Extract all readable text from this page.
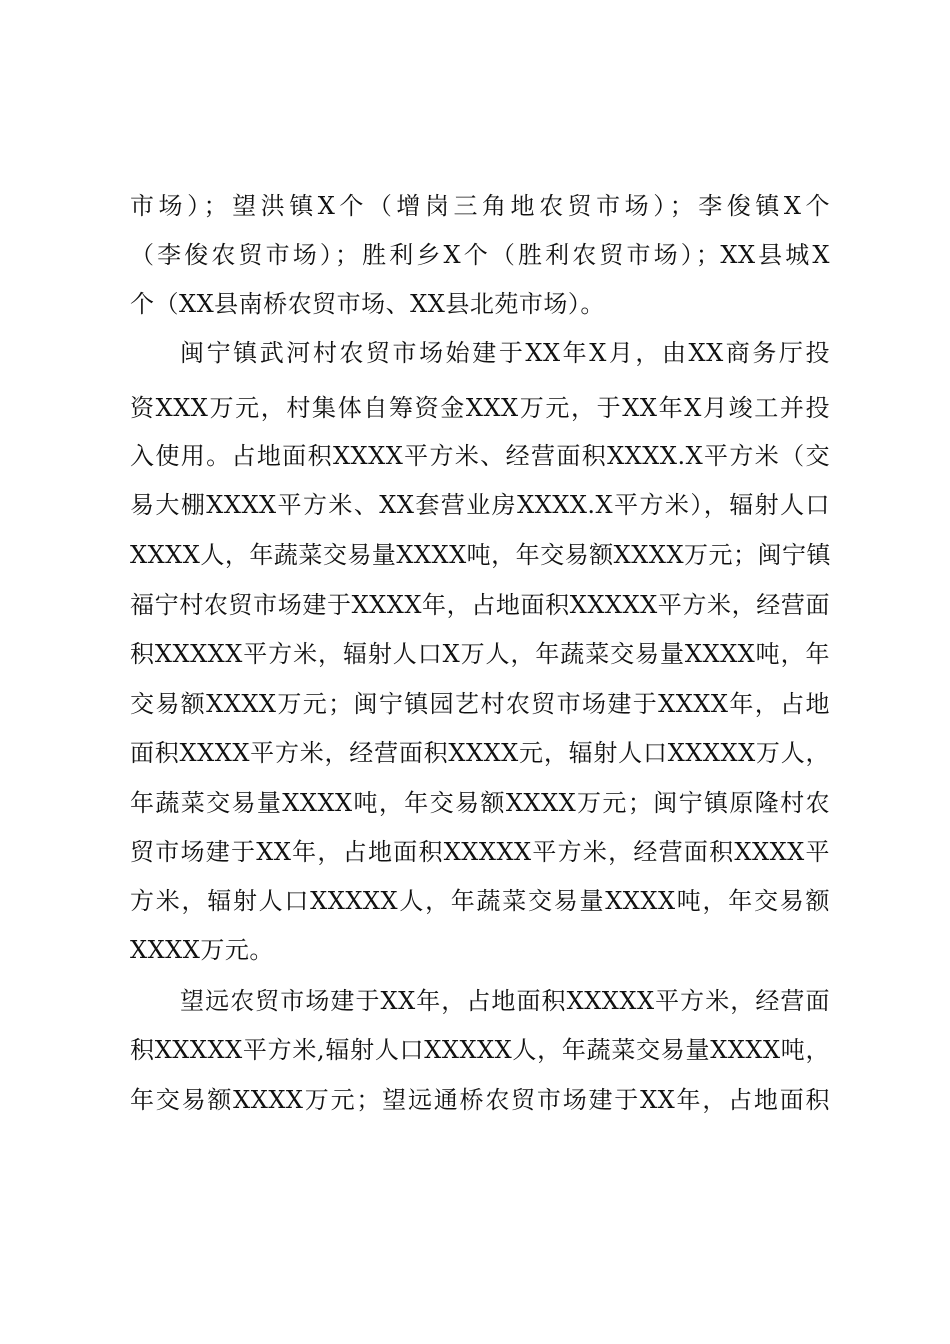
市场）；望洪镇X个（增岗三角地农贸市场）；李俊镇X个
（李俊农贸市场）；胜利乡X个（胜利农贸市场）；XX县城X
个（XX县南桥农贸市场、XX县北苑市场）。
闽宁镇武河村农贸市场始建于XX年X月，由XX商务厅投
资XXX万元，村集体自筹资金XXX万元，于XX年X月竣工并投
入使用。占地面积XXXX平方米、经营面积XXXX.X平方米（交
易大棚XXXX平方米、XX套营业房XXXX.X平方米），辐射人口
XXXX人，年蔬菜交易量XXXX吨，年交易额XXXX万元；闽宁镇
福宁村农贸市场建于XXXX年，占地面积XXXXX平方米，经营面
积XXXXX平方米，辐射人口X万人，年蔬菜交易量XXXX吨，年
交易额XXXX万元；闽宁镇园艺村农贸市场建于XXXX年，占地
面积XXXX平方米，经营面积XXXX元，辐射人口XXXXX万人，
年蔬菜交易量XXXX吨，年交易额XXXX万元；闽宁镇原隆村农
贸市场建于XX年，占地面积XXXXX平方米，经营面积XXXX平
方米，辐射人口XXXXX人，年蔬菜交易量XXXX吨，年交易额
XXXX万元。
望远农贸市场建于XX年，占地面积XXXXX平方米，经营面
积XXXXX平方米,辐射人口XXXXX人，年蔬菜交易量XXXX吨，
年交易额XXXX万元；望远通桥农贸市场建于XX年，占地面积
